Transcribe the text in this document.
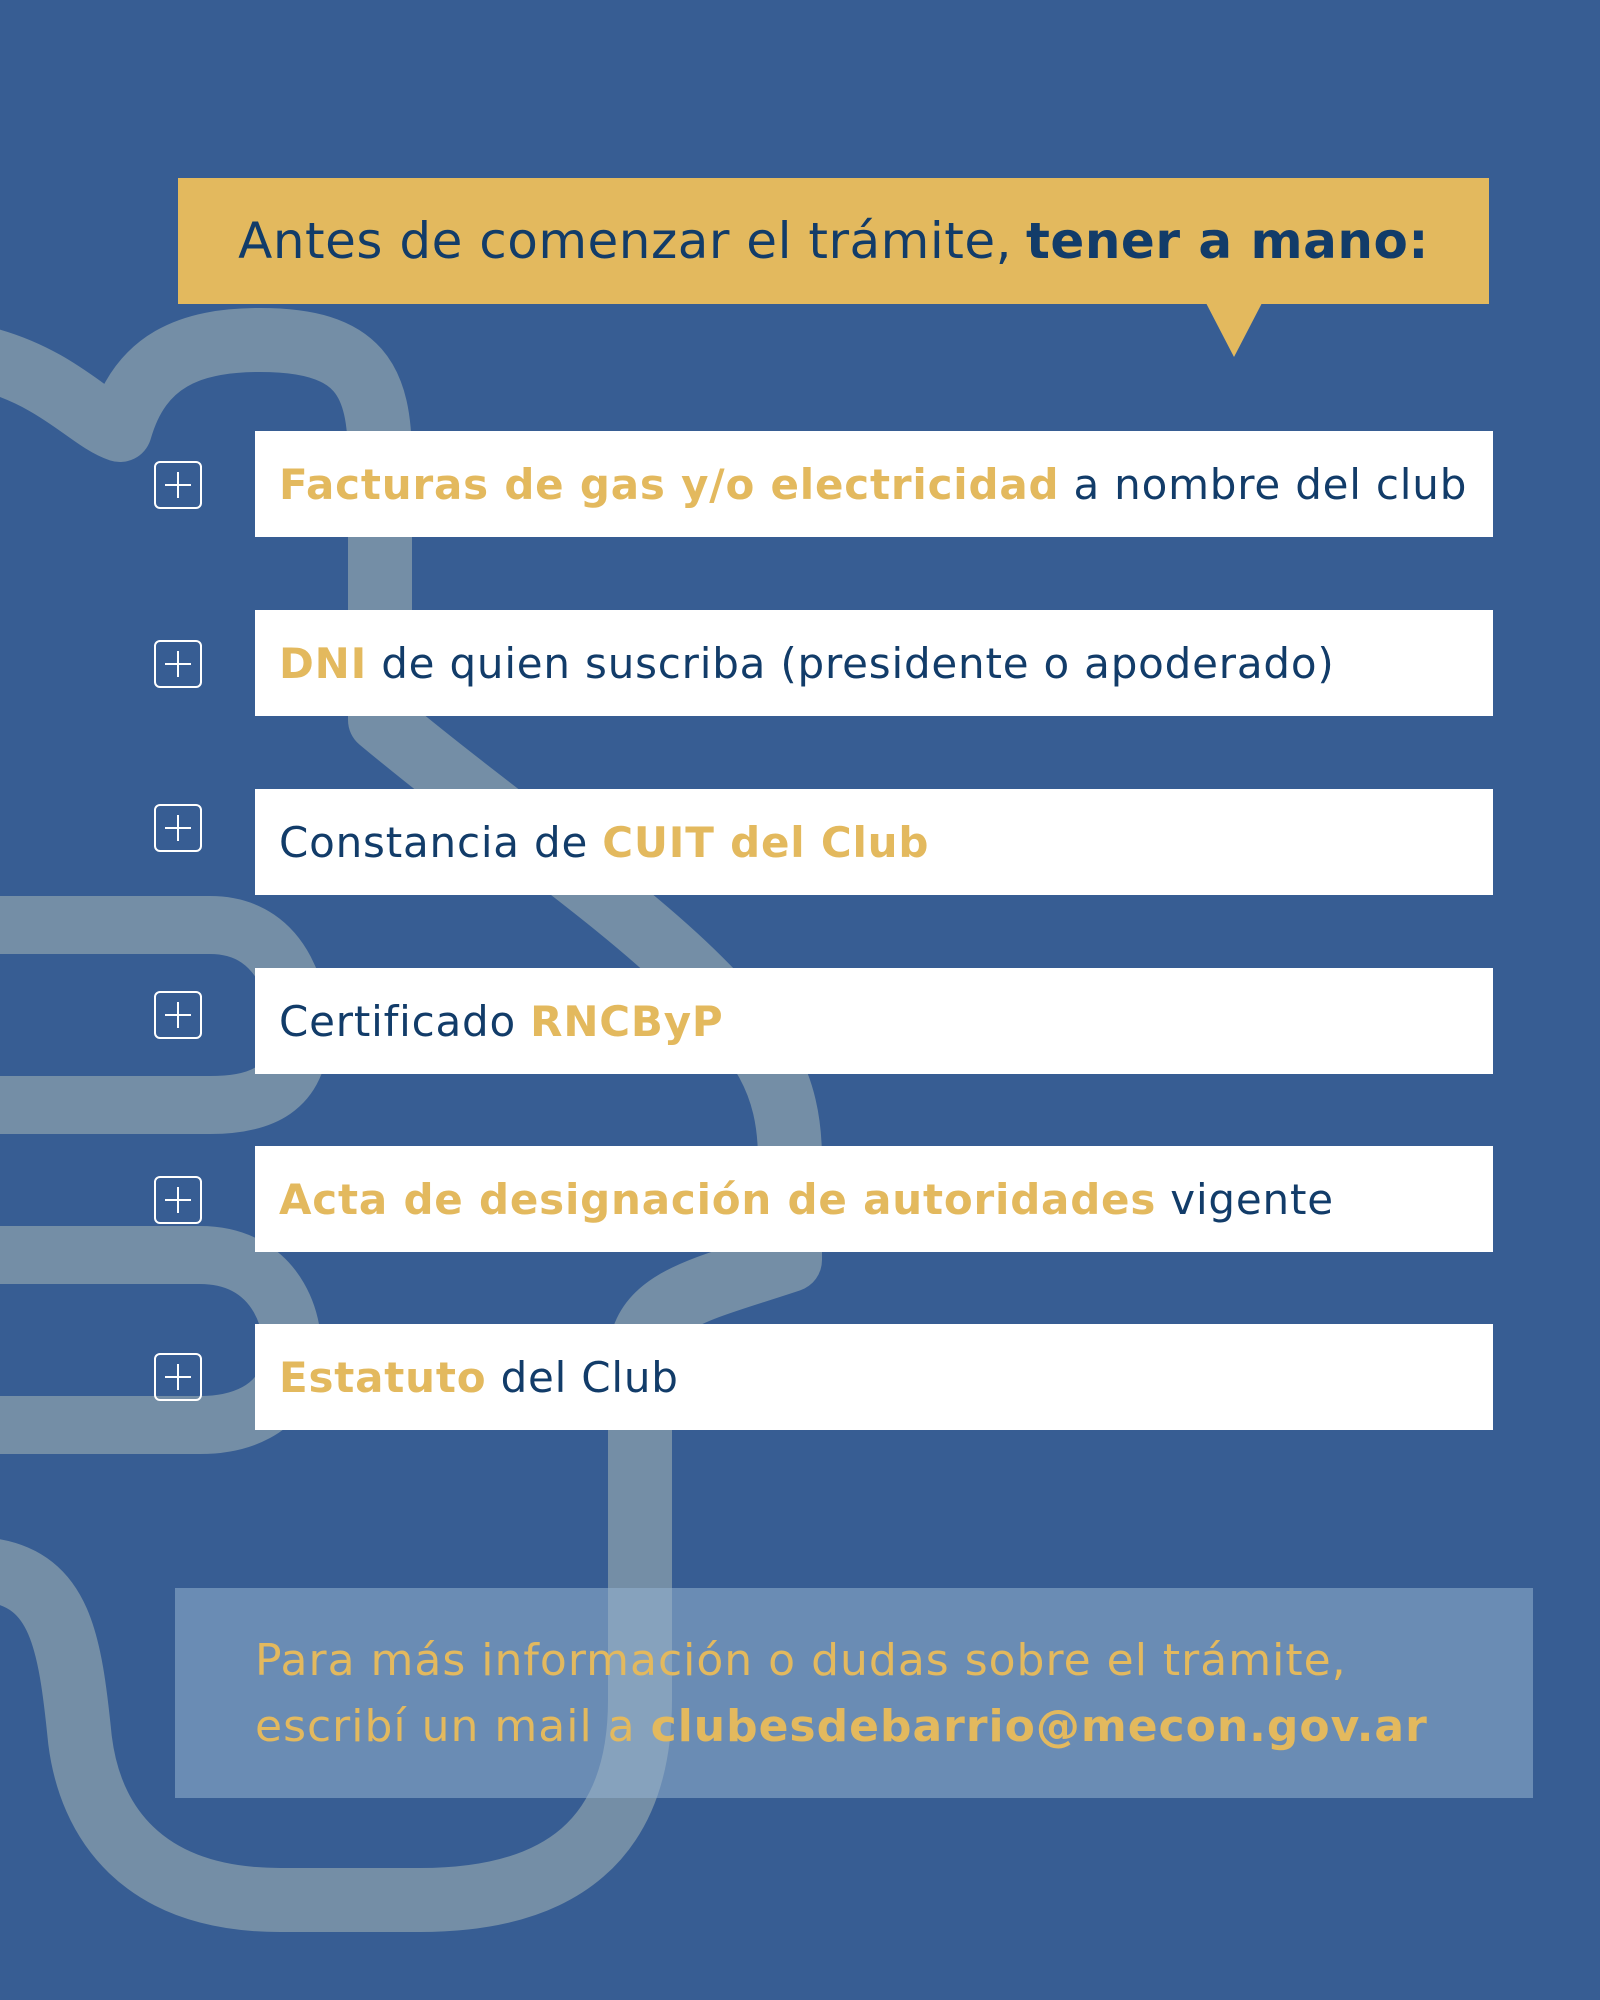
Antes de comenzar el trámite, tener a mano:
Facturas de gas y/o electricidad a nombre del club
DNI de quien suscriba (presidente o apoderado)
Constancia de CUIT del Club
Certificado RNCByP
Acta de designación de autoridades vigente
Estatuto del Club
Para más información o dudas sobre el trámite,
escribí un mail a clubesdebarrio@mecon.gov.ar
